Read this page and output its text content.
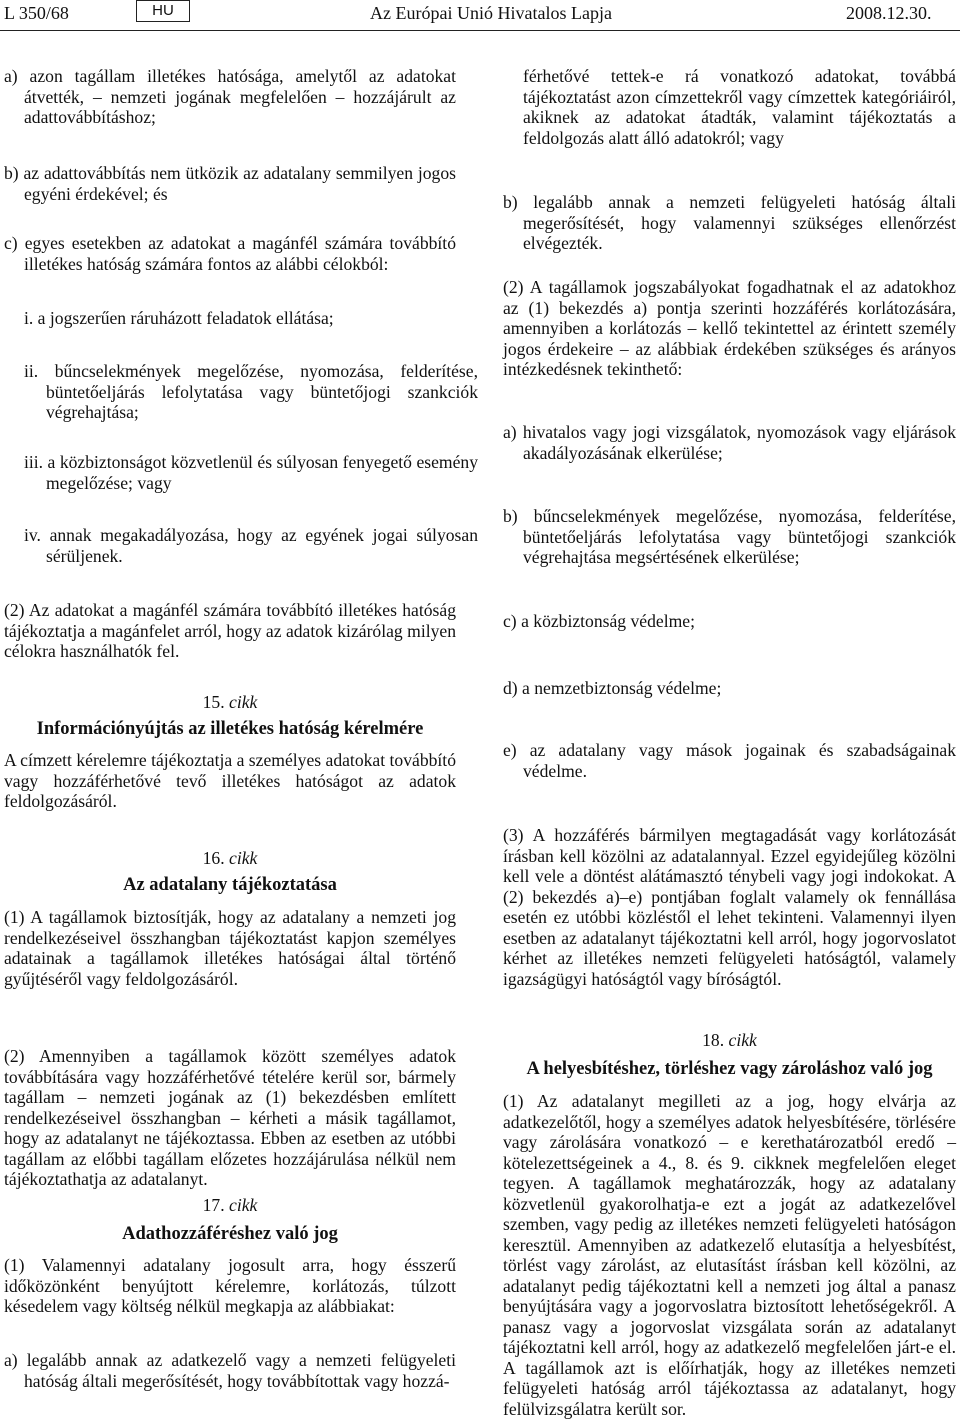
L 350/68	HU	Az Európai Unió Hivatalos Lapja	2008.12.30.

a) azon tagállam illetékes hatósága, amelytől az adatokat átvették, – nemzeti jogának megfelelően – hozzájárult az adattovábbításhoz;

b) az adattovábbítás nem ütközik az adatalany semmilyen jogos egyéni érdekével; és

c) egyes esetekben az adatokat a magánfél számára továbbító illetékes hatóság számára fontos az alábbi célokból:

i. a jogszerűen ráruházott feladatok ellátása;

ii. bűncselekmények megelőzése, nyomozása, felderítése, büntetőeljárás lefolytatása vagy büntetőjogi szankciók végrehajtása;

iii. a közbiztonságot közvetlenül és súlyosan fenyegető esemény megelőzése; vagy

iv. annak megakadályozása, hogy az egyének jogai súlyosan sérüljenek.

(2) Az adatokat a magánfél számára továbbító illetékes hatóság tájékoztatja a magánfelet arról, hogy az adatok kizárólag milyen célokra használhatók fel.

15. cikk

Információnyújtás az illetékes hatóság kérelmére

A címzett kérelemre tájékoztatja a személyes adatokat továbbító vagy hozzáférhetővé tevő illetékes hatóságot az adatok feldolgozásáról.

16. cikk

Az adatalany tájékoztatása

(1) A tagállamok biztosítják, hogy az adatalany a nemzeti jog rendelkezéseivel összhangban tájékoztatást kapjon személyes adatainak a tagállamok illetékes hatóságai által történő gyűjtéséről vagy feldolgozásáról.

(2) Amennyiben a tagállamok között személyes adatok továbbítására vagy hozzáférhetővé tételére kerül sor, bármely tagállam – nemzeti jogának az (1) bekezdésben említett rendelkezéseivel összhangban – kérheti a másik tagállamot, hogy az adatalanyt ne tájékoztassa. Ebben az esetben az utóbbi tagállam az előbbi tagállam előzetes hozzájárulása nélkül nem tájékoztathatja az adatalanyt.

17. cikk

Adathozzáféréshez való jog

(1) Valamennyi adatalany jogosult arra, hogy ésszerű időközönként benyújtott kérelemre, korlátozás, túlzott késedelem vagy költség nélkül megkapja az alábbiakat:

a) legalább annak az adatkezelő vagy a nemzeti felügyeleti hatóság általi megerősítését, hogy továbbítottak vagy hozzá-

férhetővé tettek-e rá vonatkozó adatokat, továbbá tájékoztatást azon címzettekről vagy címzettek kategóriáiról, akiknek az adatokat átadták, valamint tájékoztatás a feldolgozás alatt álló adatokról; vagy

b) legalább annak a nemzeti felügyeleti hatóság általi megerősítését, hogy valamennyi szükséges ellenőrzést elvégezték.

(2) A tagállamok jogszabályokat fogadhatnak el az adatokhoz az (1) bekezdés a) pontja szerinti hozzáférés korlátozására, amennyiben a korlátozás – kellő tekintettel az érintett személy jogos érdekeire – az alábbiak érdekében szükséges és arányos intézkedésnek tekinthető:

a) hivatalos vagy jogi vizsgálatok, nyomozások vagy eljárások akadályozásának elkerülése;

b) bűncselekmények megelőzése, nyomozása, felderítése, büntetőeljárás lefolytatása vagy büntetőjogi szankciók végrehajtása megsértésének elkerülése;

c) a közbiztonság védelme;

d) a nemzetbiztonság védelme;

e) az adatalany vagy mások jogainak és szabadságainak védelme.

(3) A hozzáférés bármilyen megtagadását vagy korlátozását írásban kell közölni az adatalannyal. Ezzel egyidejűleg közölni kell vele a döntést alátámasztó ténybeli vagy jogi indokokat. A (2) bekezdés a)–e) pontjában foglalt valamely ok fennállása esetén ez utóbbi közléstől el lehet tekinteni. Valamennyi ilyen esetben az adatalanyt tájékoztatni kell arról, hogy jogorvoslatot kérhet az illetékes nemzeti felügyeleti hatóságtól, valamely igazságügyi hatóságtól vagy bíróságtól.

18. cikk

A helyesbítéshez, törléshez vagy zároláshoz való jog

(1) Az adatalanyt megilleti az a jog, hogy elvárja az adatkezelőtől, hogy a személyes adatok helyesbítésére, törlésére vagy zárolására vonatkozó – e kerethatározatból eredő – kötelezettségeinek a 4., 8. és 9. cikknek megfelelően eleget tegyen. A tagállamok meghatározzák, hogy az adatalany közvetlenül gyakorolhatja-e ezt a jogát az adatkezelővel szemben, vagy pedig az illetékes nemzeti felügyeleti hatóságon keresztül. Amennyiben az adatkezelő elutasítja a helyesbítést, törlést vagy zárolást, az elutasítást írásban kell közölni, az adatalanyt pedig tájékoztatni kell a nemzeti jog által a panasz benyújtására vagy a jogorvoslatra biztosított lehetőségekről. A panasz vagy a jogorvoslat vizsgálata során az adatalanyt tájékoztatni kell arról, hogy az adatkezelő megfelelően járt-e el. A tagállamok azt is előírhatják, hogy az illetékes nemzeti felügyeleti hatóság arról tájékoztassa az adatalanyt, hogy felülvizsgálatra került sor.
